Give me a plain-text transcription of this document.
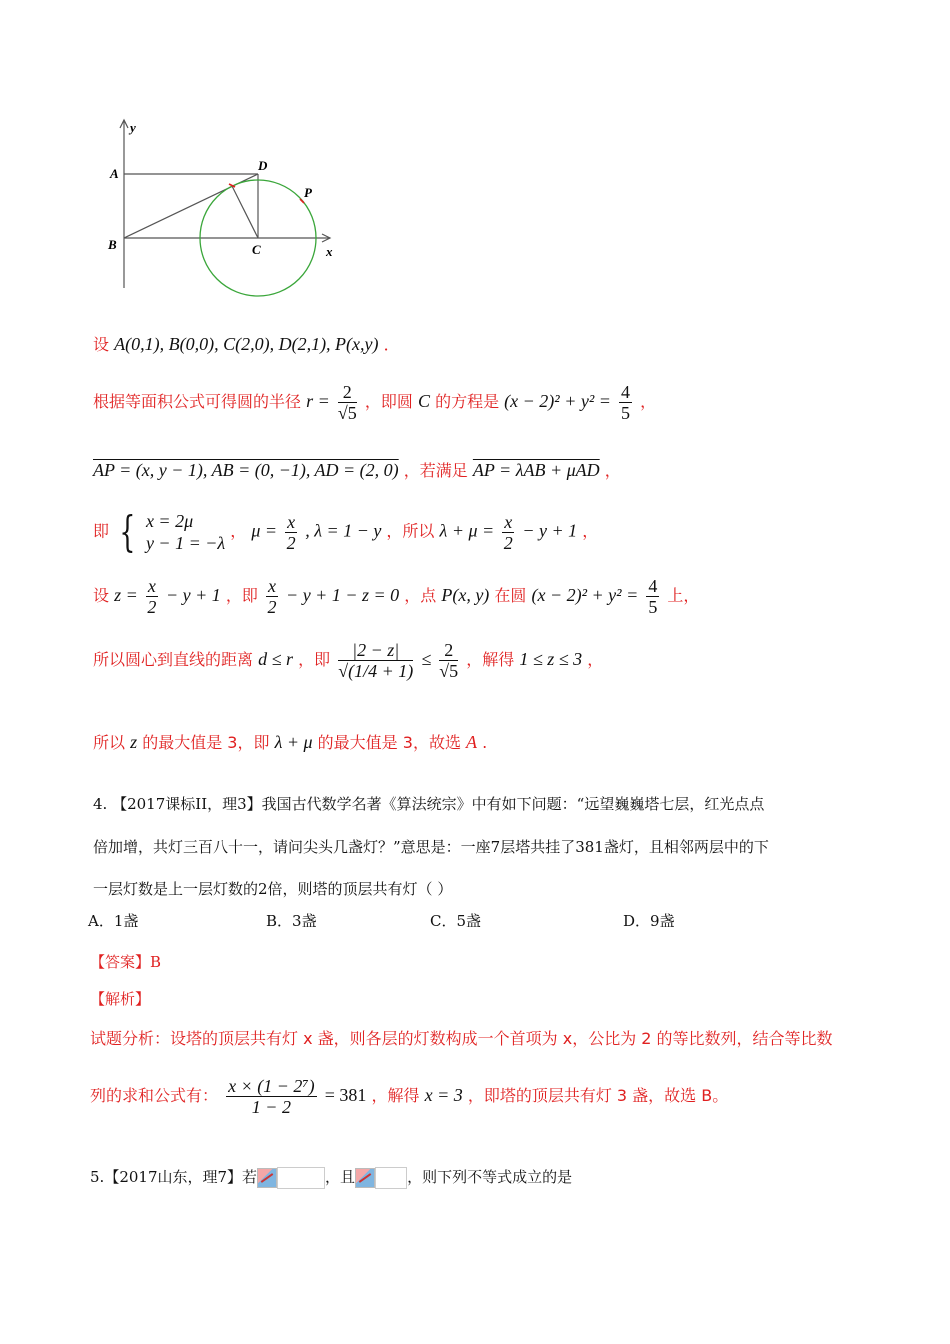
y
A
B	C
D
P
x
设 A(0,1), B(0,0), C(2,0), D(2,1), P(x,y) ．
根据等面积公式可得圆的半径 $r = \frac{2}{√5}$ ，即圆 C 的方程是 $(x - 2)^2 + y^2 = \frac{4}{5}$ ，
AP = (x, y − 1), AB = (0, −1), AD = (2, 0) ，若满足 AP = λAB + μAD ，
即 { x = 2μ
y − 1 = −λ
， $\mu = \frac{x}{2}$ , λ = 1 − y ，所以 $\lambda + \mu = \frac{x}{2} - y + 1$ ，
设 $z = \frac{x}{2} - y + 1$ ，即 $\frac{x}{2} - y + 1 - z = 0$ ，点 P(x, y) 在圆 $(x - 2)^2 + y^2 = \frac{4}{5}$ 上，
所以圆心到直线的距离 d ≤ r ，即 $\frac{|2 - z|}{√(1/4 + 1)} \le \frac{2}{√5}$ ，解得 1 ≤ z ≤ 3 ，
所以 z 的最大值是 3，即 λ + μ 的最大值是 3，故选 A .
4. 【2017课标II，理3】我国古代数学名著《算法统宗》中有如下问题：“远望巍巍塔七层，红光点点
倍加增，共灯三百八十一，请问尖头几盏灯？”意思是：一座7层塔共挂了381盏灯，且相邻两层中的下
一层灯数是上一层灯数的2倍，则塔的顶层共有灯（ ）
A．1盏	B．3盏	C．5盏	D．9盏
【答案】B
【解析】
试题分析：设塔的顶层共有灯 x 盏，则各层的灯数构成一个首项为 x，公比为 2 的等比数列，结合等比数
列的求和公式有： $\frac{\text{x × (1 − 2⁷)}}{1 - 2} = 381$ ，解得 x = 3 ，即塔的顶层共有灯 3 盏，故选 B。
5.【2017山东，理7】若	，且	，则下列不等式成立的是
